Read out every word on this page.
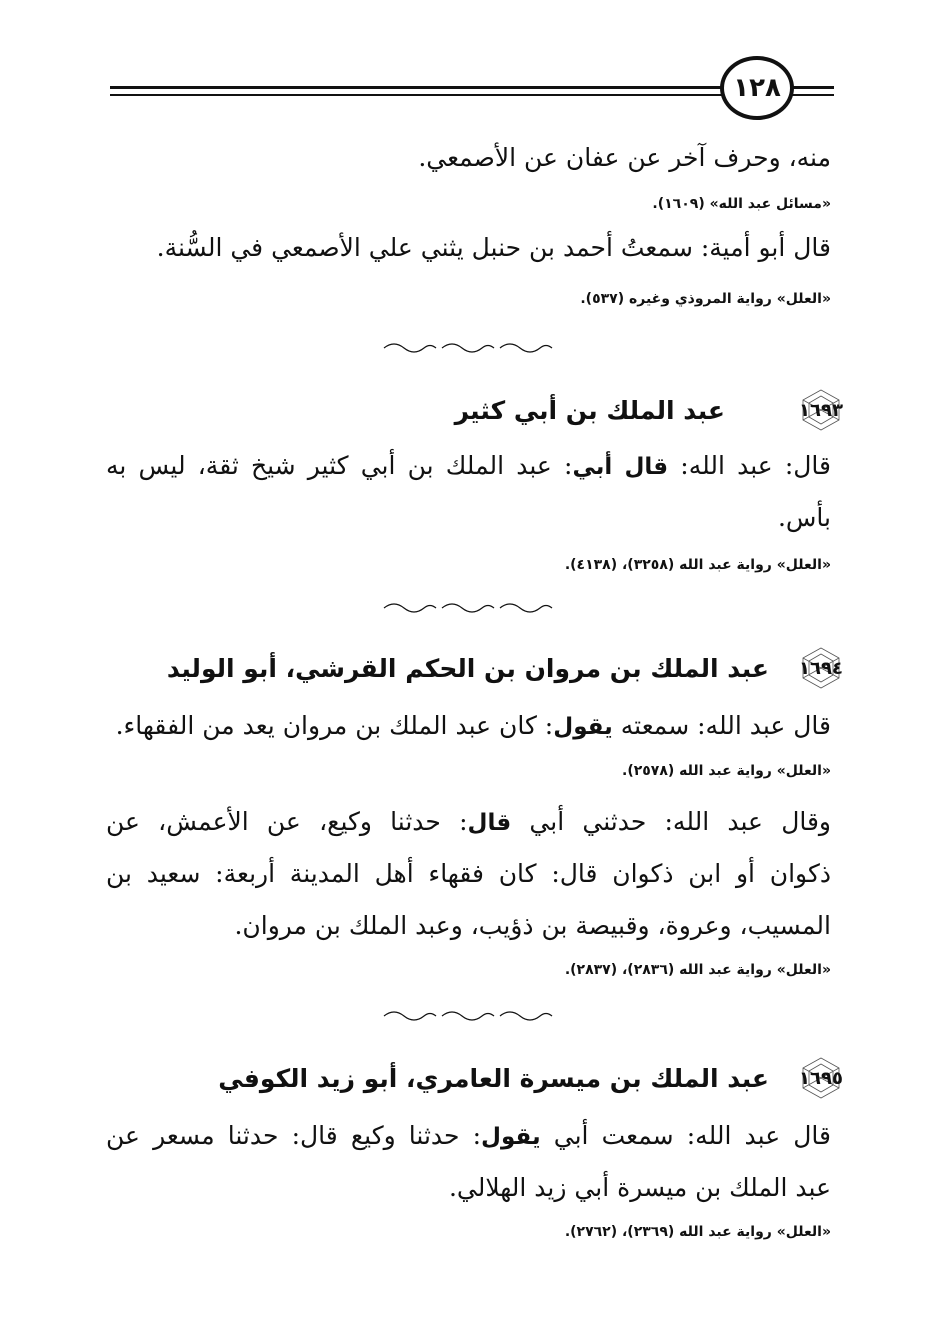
١٢٨
منه، وحرف آخر عن عفان عن الأصمعي.
«مسائل عبد الله» (١٦٠٩).
قال أبو أمية: سمعتُ أحمد بن حنبل يثني علي الأصمعي في السُّنة.
«العلل» رواية المروذي وغيره (٥٣٧).
١٦٩٣
عبد الملك بن أبي كثير
قال: عبد الله: قال أبي: عبد الملك بن أبي كثير شيخ ثقة، ليس به
بأس.
«العلل» رواية عبد الله (٣٢٥٨)، (٤١٣٨).
١٦٩٤
عبد الملك بن مروان بن الحكم القرشي، أبو الوليد
قال عبد الله: سمعته يقول: كان عبد الملك بن مروان يعد من الفقهاء.
«العلل» رواية عبد الله (٢٥٧٨).
وقال عبد الله: حدثني أبي قال: حدثنا وكيع، عن الأعمش، عن
ذكوان أو ابن ذكوان قال: كان فقهاء أهل المدينة أربعة: سعيد بن
المسيب، وعروة، وقبيصة بن ذؤيب، وعبد الملك بن مروان.
«العلل» رواية عبد الله (٢٨٣٦)، (٢٨٣٧).
١٦٩٥
عبد الملك بن ميسرة العامري، أبو زيد الكوفي
قال عبد الله: سمعت أبي يقول: حدثنا وكيع قال: حدثنا مسعر عن
عبد الملك بن ميسرة أبي زيد الهلالي.
«العلل» رواية عبد الله (٢٣٦٩)، (٢٧٦٢).
